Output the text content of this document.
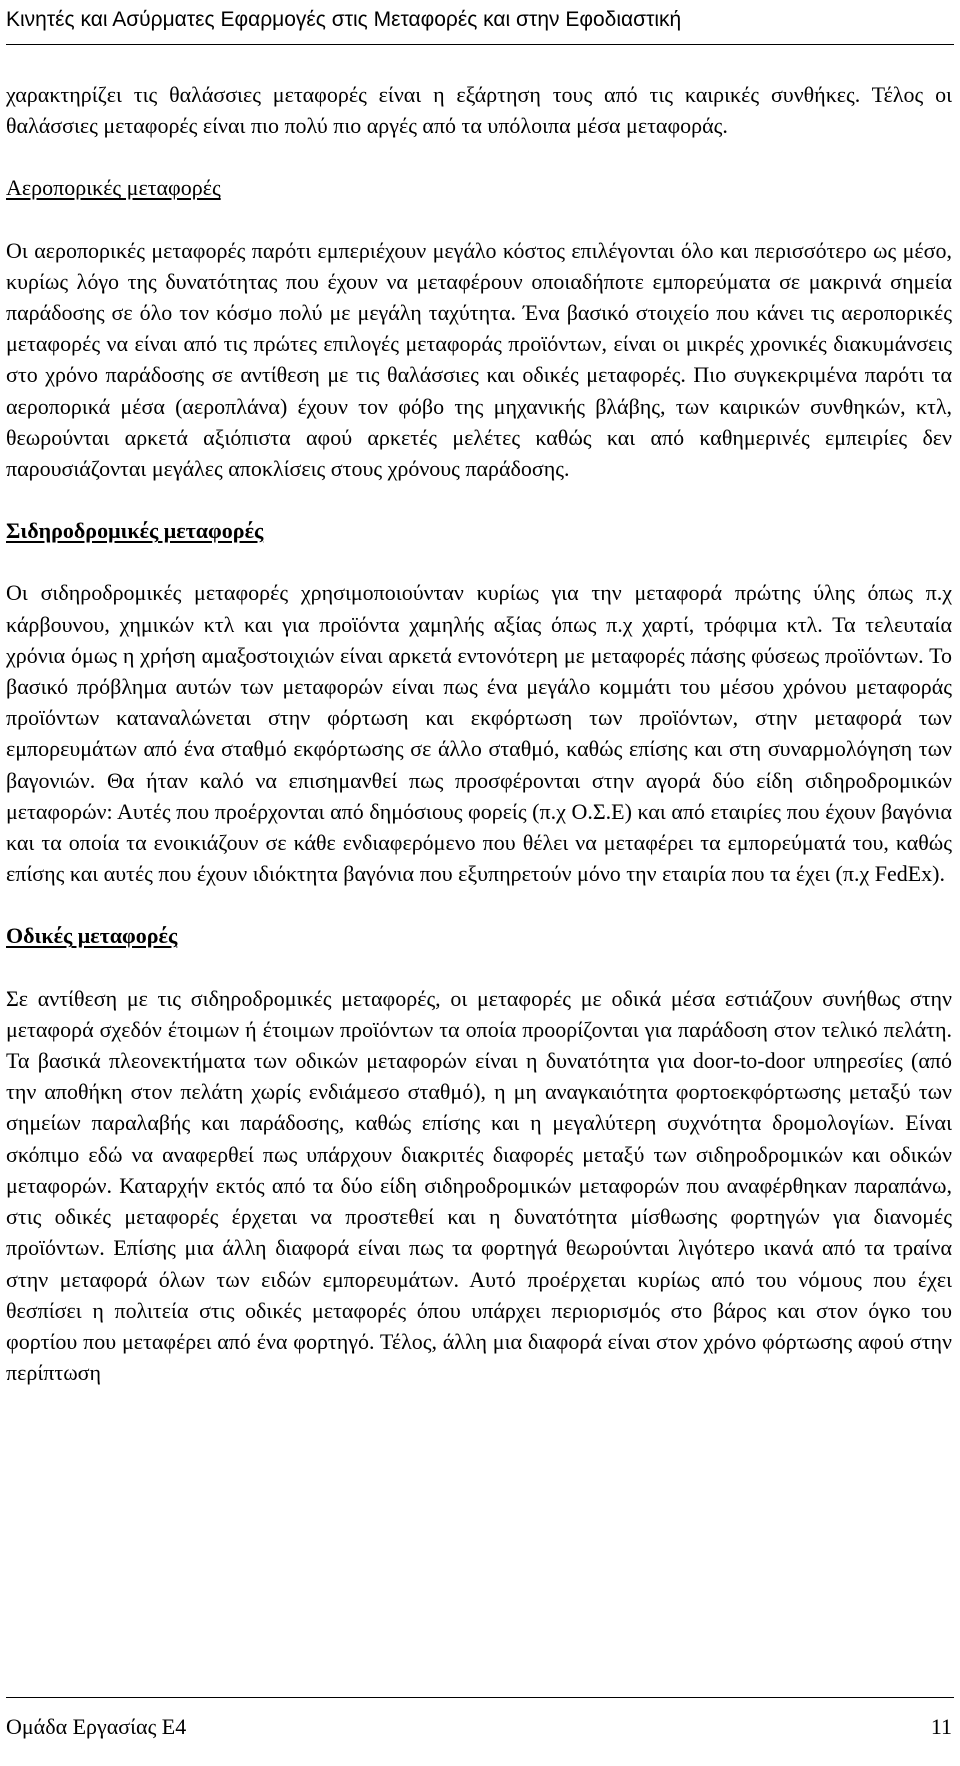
Κινητές και Ασύρματες Εφαρμογές στις Μεταφορές και στην Εφοδιαστική

χαρακτηρίζει τις θαλάσσιες μεταφορές είναι η εξάρτηση τους από τις καιρικές συνθήκες. Τέλος οι θαλάσσιες μεταφορές είναι πιο πολύ πιο αργές από τα υπόλοιπα μέσα μεταφοράς.

Αεροπορικές μεταφορές

Οι αεροπορικές μεταφορές παρότι εμπεριέχουν μεγάλο κόστος επιλέγονται όλο και περισσότερο ως μέσο, κυρίως λόγο της δυνατότητας που έχουν να μεταφέρουν οποιαδήποτε εμπορεύματα σε μακρινά σημεία παράδοσης σε όλο τον κόσμο πολύ με μεγάλη ταχύτητα. Ένα βασικό στοιχείο που κάνει τις αεροπορικές μεταφορές να είναι από τις πρώτες επιλογές μεταφοράς προϊόντων, είναι οι μικρές χρονικές διακυμάνσεις στο χρόνο παράδοσης σε αντίθεση με τις θαλάσσιες και οδικές μεταφορές. Πιο συγκεκριμένα παρότι τα αεροπορικά μέσα (αεροπλάνα) έχουν τον φόβο της μηχανικής βλάβης, των καιρικών συνθηκών, κτλ, θεωρούνται αρκετά αξιόπιστα αφού αρκετές μελέτες καθώς και από καθημερινές εμπειρίες δεν παρουσιάζονται μεγάλες αποκλίσεις στους χρόνους παράδοσης.

Σιδηροδρομικές μεταφορές

Οι σιδηροδρομικές μεταφορές χρησιμοποιούνταν κυρίως για την μεταφορά πρώτης ύλης όπως π.χ κάρβουνου, χημικών κτλ και για προϊόντα χαμηλής αξίας όπως π.χ χαρτί, τρόφιμα κτλ. Τα τελευταία χρόνια όμως η χρήση αμαξοστοιχιών είναι αρκετά εντονότερη με μεταφορές πάσης φύσεως προϊόντων. Το βασικό πρόβλημα αυτών των μεταφορών είναι πως ένα μεγάλο κομμάτι του μέσου χρόνου μεταφοράς προϊόντων καταναλώνεται στην φόρτωση και εκφόρτωση των προϊόντων, στην μεταφορά των εμπορευμάτων από ένα σταθμό εκφόρτωσης σε άλλο σταθμό, καθώς επίσης και στη συναρμολόγηση των βαγονιών. Θα ήταν καλό να επισημανθεί πως προσφέρονται στην αγορά δύο είδη σιδηροδρομικών μεταφορών: Αυτές που προέρχονται από δημόσιους φορείς (π.χ Ο.Σ.Ε) και από εταιρίες που έχουν βαγόνια και τα οποία τα ενοικιάζουν σε κάθε ενδιαφερόμενο που θέλει να μεταφέρει τα εμπορεύματά του, καθώς επίσης και αυτές που έχουν ιδιόκτητα βαγόνια που εξυπηρετούν μόνο την εταιρία που τα έχει (π.χ FedEx).

Οδικές μεταφορές

Σε αντίθεση με τις σιδηροδρομικές μεταφορές, οι μεταφορές με οδικά μέσα εστιάζουν συνήθως στην μεταφορά σχεδόν έτοιμων ή έτοιμων προϊόντων τα οποία προορίζονται για παράδοση στον τελικό πελάτη. Τα βασικά πλεονεκτήματα των οδικών μεταφορών είναι η δυνατότητα για door-to-door υπηρεσίες (από την αποθήκη στον πελάτη χωρίς ενδιάμεσο σταθμό), η μη αναγκαιότητα φορτοεκφόρτωσης μεταξύ των σημείων παραλαβής και παράδοσης, καθώς επίσης και η μεγαλύτερη συχνότητα δρομολογίων. Είναι σκόπιμο εδώ να αναφερθεί πως υπάρχουν διακριτές διαφορές μεταξύ των σιδηροδρομικών και οδικών μεταφορών. Καταρχήν εκτός από τα δύο είδη σιδηροδρομικών μεταφορών που αναφέρθηκαν παραπάνω, στις οδικές μεταφορές έρχεται να προστεθεί και η δυνατότητα μίσθωσης φορτηγών για διανομές προϊόντων. Επίσης μια άλλη διαφορά είναι πως τα φορτηγά θεωρούνται λιγότερο ικανά από τα τραίνα στην μεταφορά όλων των ειδών εμπορευμάτων. Αυτό προέρχεται κυρίως από του νόμους που έχει θεσπίσει η πολιτεία στις οδικές μεταφορές όπου υπάρχει περιορισμός στο βάρος και στον όγκο του φορτίου που μεταφέρει από ένα φορτηγό. Τέλος, άλλη μια διαφορά είναι στον χρόνο φόρτωσης αφού στην περίπτωση

Ομάδα Εργασίας Ε4	11
